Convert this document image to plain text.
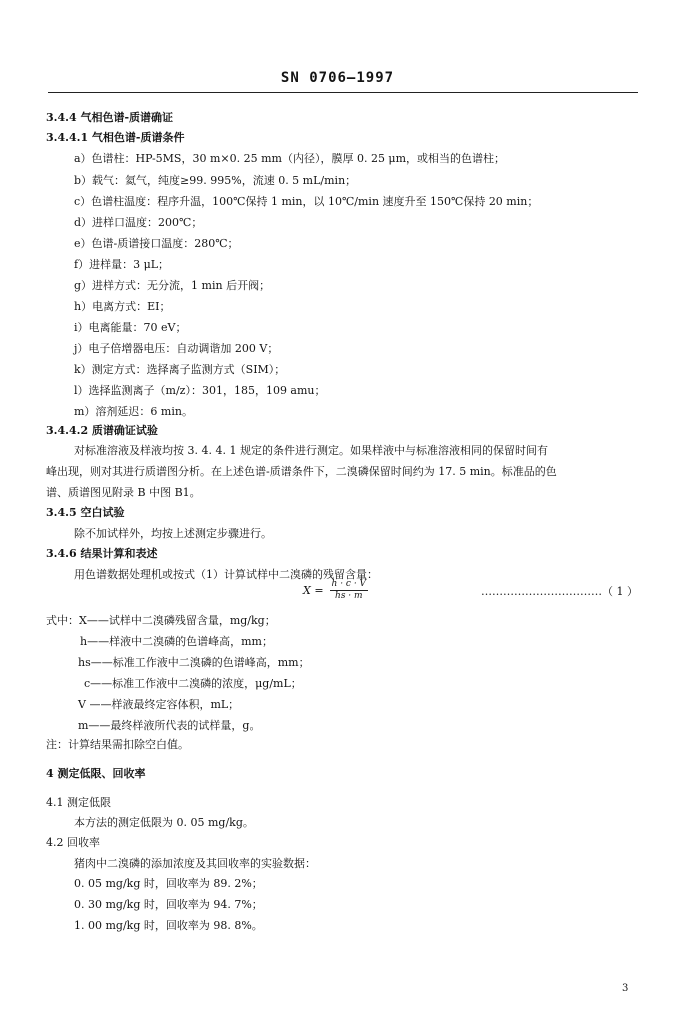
SN 0706—1997
3.4.4 气相色谱-质谱确证
3.4.4.1 气相色谱-质谱条件
a）色谱柱：HP-5MS，30 m×0. 25 mm（内径），膜厚 0. 25 μm，或相当的色谱柱；
b）载气：氦气，纯度≥99. 995%，流速 0. 5 mL/min；
c）色谱柱温度：程序升温，100℃保持 1 min，以 10℃/min 速度升至 150℃保持 20 min；
d）进样口温度：200℃；
e）色谱-质谱接口温度：280℃；
f）进样量：3 μL；
g）进样方式：无分流，1 min 后开阀；
h）电离方式：EI；
i）电离能量：70 eV；
j）电子倍增器电压：自动调谐加 200 V；
k）测定方式：选择离子监测方式（SIM）；
l）选择监测离子（m/z）：301，185，109 amu；
m）溶剂延迟：6 min。
3.4.4.2 质谱确证试验
对标准溶液及样液均按 3. 4. 4. 1 规定的条件进行测定。如果样液中与标准溶液相同的保留时间有
峰出现，则对其进行质谱图分析。在上述色谱-质谱条件下，二溴磷保留时间约为 17. 5 min。标准品的色
谱、质谱图见附录 B 中图 B1。
3.4.5 空白试验
除不加试样外，均按上述测定步骤进行。
3.4.6 结果计算和表述
用色谱数据处理机或按式（1）计算试样中二溴磷的残留含量：
……………………………（ 1 ）
式中：X——试样中二溴磷残留含量，mg/kg；
h——样液中二溴磷的色谱峰高，mm；
hs——标准工作液中二溴磷的色谱峰高，mm；
c——标准工作液中二溴磷的浓度，μg/mL；
V ——样液最终定容体积，mL；
m——最终样液所代表的试样量，g。
注：计算结果需扣除空白值。
4 测定低限、回收率
4.1 测定低限
本方法的测定低限为 0. 05 mg/kg。
4.2 回收率
猪肉中二溴磷的添加浓度及其回收率的实验数据：
0. 05 mg/kg 时，回收率为 89. 2%；
0. 30 mg/kg 时，回收率为 94. 7%；
1. 00 mg/kg 时，回收率为 98. 8%。
$X = \frac{h \cdot c \cdot V}{hs \cdot m}$
3
